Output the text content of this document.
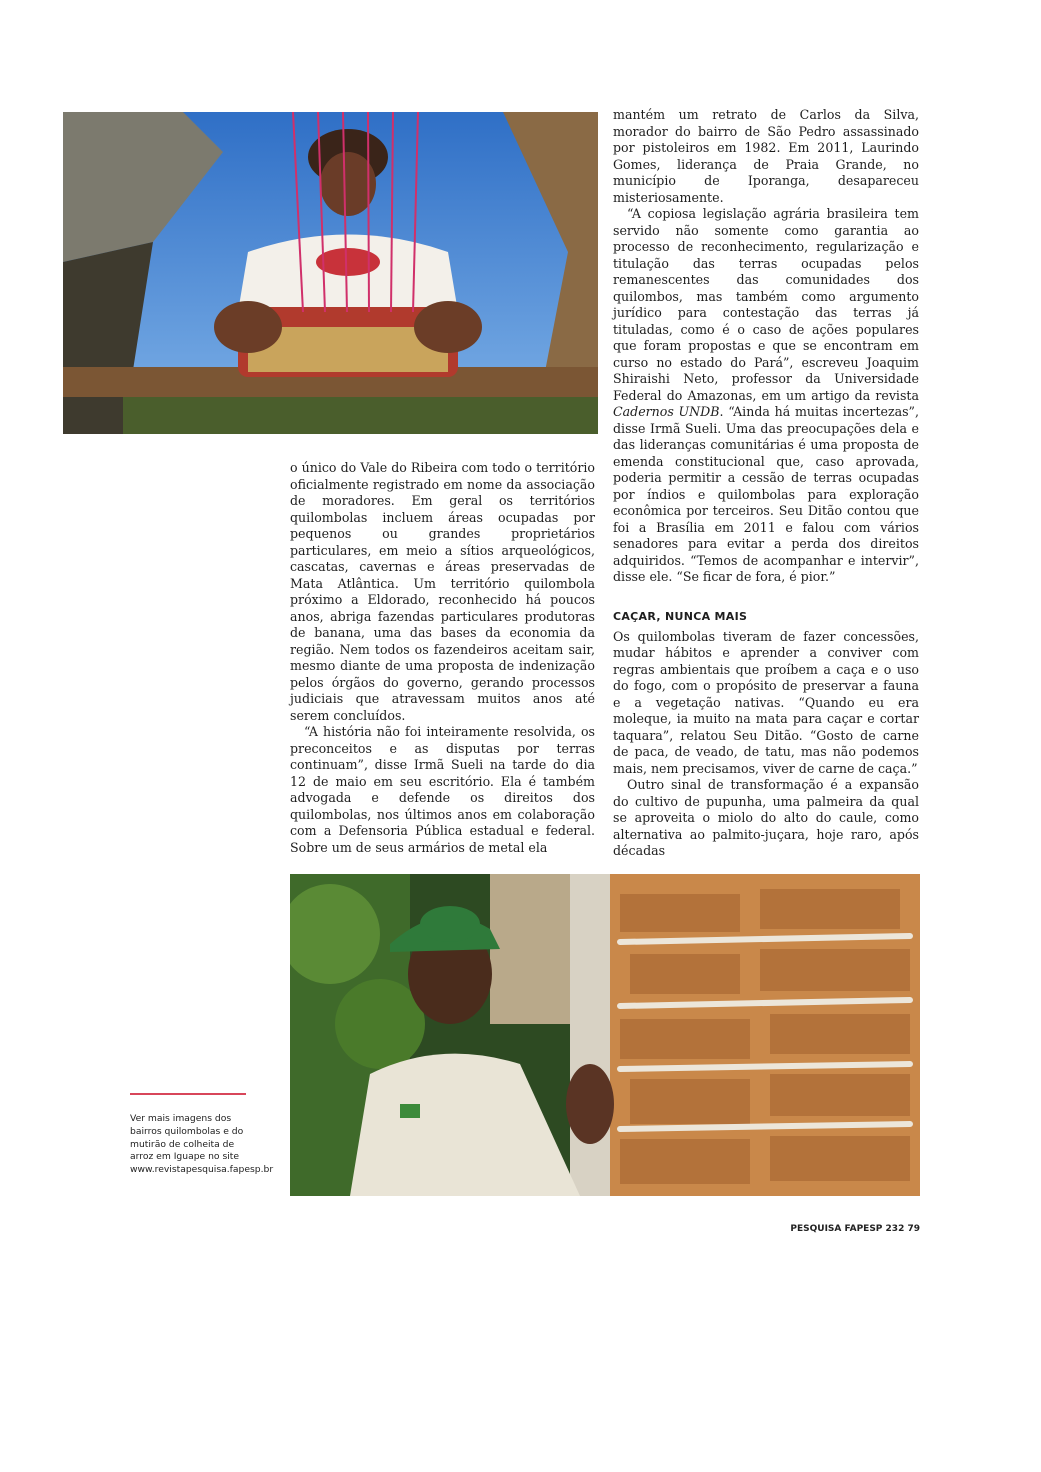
mantém um retrato de Carlos da Silva, morador do bairro de São Pedro assassinado por pistoleiros em 1982. Em 2011, Laurindo Gomes, liderança de Praia Grande, no município de Iporanga, desapareceu misteriosamente.

“A copiosa legislação agrária brasileira tem servido não somente como garantia ao processo de reconhecimento, regularização e titulação das terras ocupadas pelos remanescentes das comunidades dos quilombos, mas também como argumento jurídico para contestação das terras já tituladas, como é o caso de ações populares que foram propostas e que se encontram em curso no estado do Pará”, escreveu Joaquim Shiraishi Neto, professor da Universidade Federal do Amazonas, em um artigo da revista Cadernos UNDB. “Ainda há muitas incertezas”, disse Irmã Sueli. Uma das preocupações dela e das lideranças comunitárias é uma proposta de emenda constitucional que, caso aprovada, poderia permitir a cessão de terras ocupadas por índios e quilombolas para exploração econômica por terceiros. Seu Ditão contou que foi a Brasília em 2011 e falou com vários senadores para evitar a perda dos direitos adquiridos. “Temos de acompanhar e intervir”, disse ele. “Se ficar de fora, é pior.”

o único do Vale do Ribeira com todo o território oficialmente registrado em nome da associação de moradores. Em geral os territórios quilombolas incluem áreas ocupadas por pequenos ou grandes proprietários particulares, em meio a sítios arqueológicos, cascatas, cavernas e áreas preservadas de Mata Atlântica. Um território quilombola próximo a Eldorado, reconhecido há poucos anos, abriga fazendas particulares produtoras de banana, uma das bases da economia da região. Nem todos os fazendeiros aceitam sair, mesmo diante de uma proposta de indenização pelos órgãos do governo, gerando processos judiciais que atravessam muitos anos até serem concluídos.

“A história não foi inteiramente resolvida, os preconceitos e as disputas por terras continuam”, disse Irmã Sueli na tarde do dia 12 de maio em seu escritório. Ela é também advogada e defende os direitos dos quilombolas, nos últimos anos em colaboração com a Defensoria Pública estadual e federal. Sobre um de seus armários de metal ela

CAÇAR, NUNCA MAIS

Os quilombolas tiveram de fazer concessões, mudar hábitos e aprender a conviver com regras ambientais que proíbem a caça e o uso do fogo, com o propósito de preservar a fauna e a vegetação nativas. “Quando eu era moleque, ia muito na mata para caçar e cortar taquara”, relatou Seu Ditão. “Gosto de carne de paca, de veado, de tatu, mas não podemos mais, nem precisamos, viver de carne de caça.”

Outro sinal de transformação é a expansão do cultivo de pupunha, uma palmeira da qual se aproveita o miolo do alto do caule, como alternativa ao palmito-juçara, hoje raro, após décadas

Ver mais imagens dos bairros quilombolas e do mutirão de colheita de arroz em Iguape no site www.revistapesquisa.fapesp.br
PESQUISA FAPESP 232 79
